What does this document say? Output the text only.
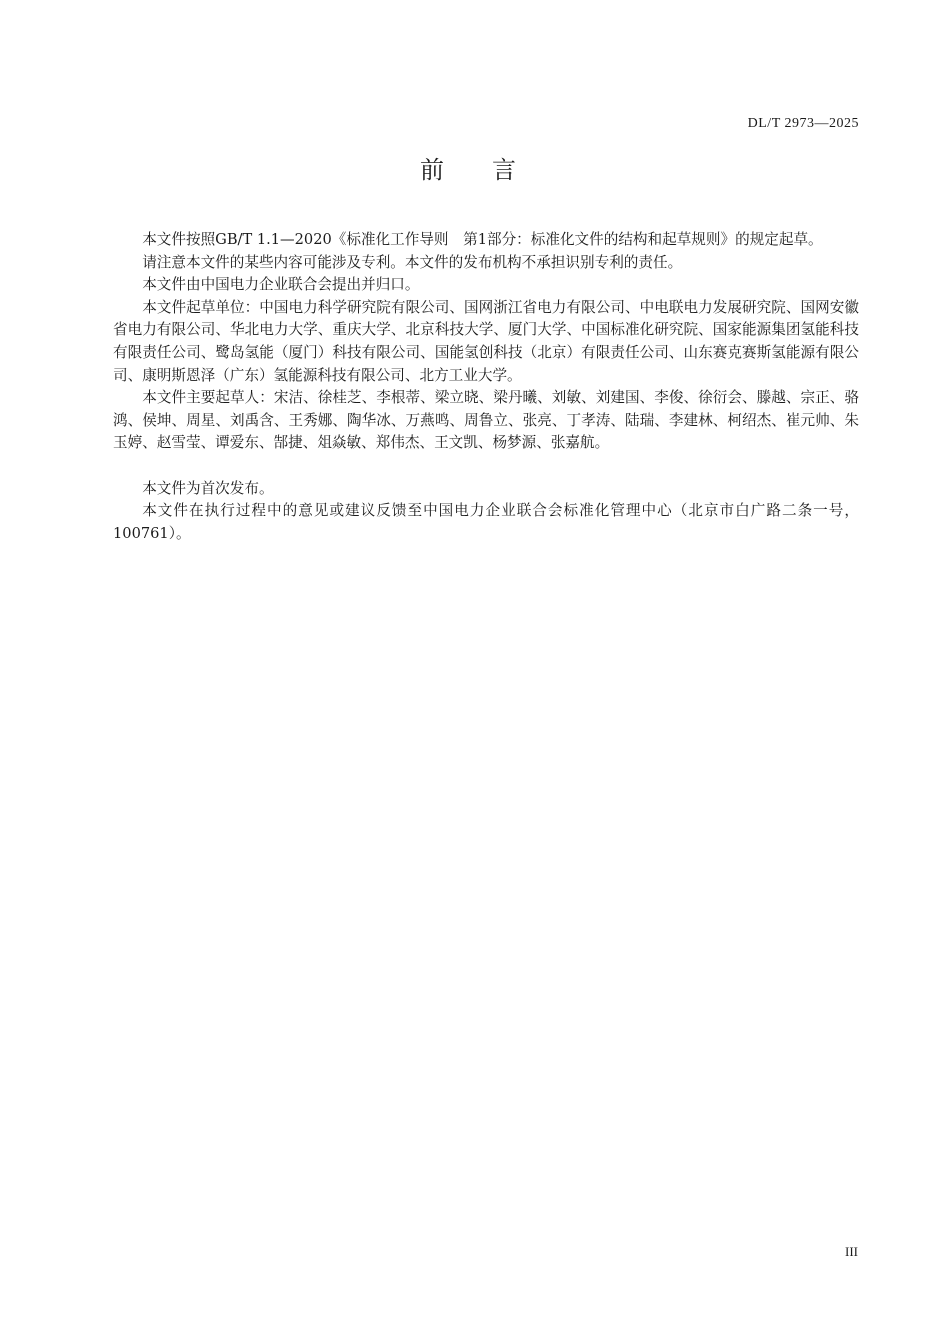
DL/T 2973—2025
前言

本文件按照GB/T 1.1—2020《标准化工作导则　第1部分：标准化文件的结构和起草规则》的规定起草。

请注意本文件的某些内容可能涉及专利。本文件的发布机构不承担识别专利的责任。

本文件由中国电力企业联合会提出并归口。

本文件起草单位：中国电力科学研究院有限公司、国网浙江省电力有限公司、中电联电力发展研究院、国网安徽省电力有限公司、华北电力大学、重庆大学、北京科技大学、厦门大学、中国标准化研究院、国家能源集团氢能科技有限责任公司、鹭岛氢能（厦门）科技有限公司、国能氢创科技（北京）有限责任公司、山东赛克赛斯氢能源有限公司、康明斯恩泽（广东）氢能源科技有限公司、北方工业大学。

本文件主要起草人：宋洁、徐桂芝、李根蒂、梁立晓、梁丹曦、刘敏、刘建国、李俊、徐衍会、滕越、宗正、骆鸿、侯坤、周星、刘禹含、王秀娜、陶华冰、万燕鸣、周鲁立、张亮、丁孝涛、陆瑞、李建林、柯绍杰、崔元帅、朱玉婷、赵雪莹、谭爱东、郜捷、俎焱敏、郑伟杰、王文凯、杨梦源、张嘉航。

本文件为首次发布。

本文件在执行过程中的意见或建议反馈至中国电力企业联合会标准化管理中心（北京市白广路二条一号，100761）。

III
